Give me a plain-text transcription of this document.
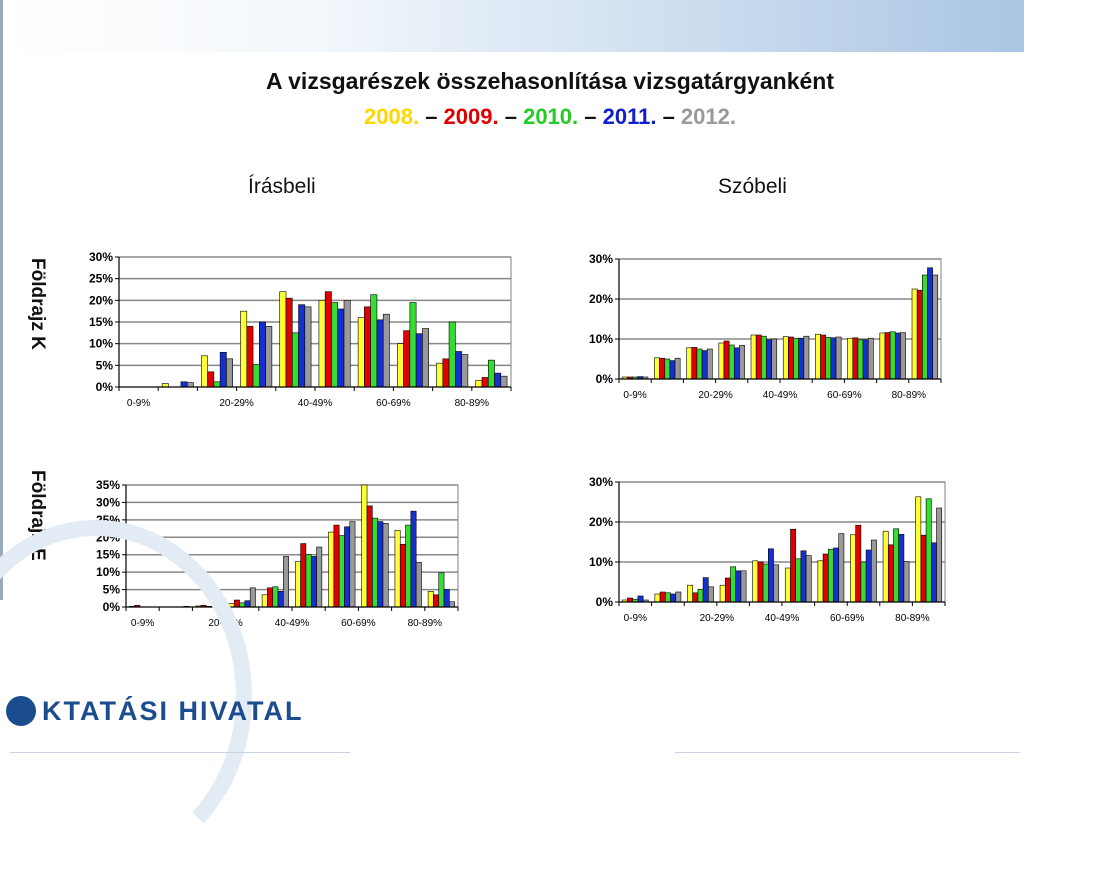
A vizsgarészek összehasonlítása vizsgatárgyanként
2008. – 2009. – 2010. – 2011. – 2012.
Írásbeli	Szóbeli
Földrajz K
Földrajz E
0%
5%
10%
15%
20%
25%
30%
0-9%	20-29%	40-49%	60-69%	80-89%
0%
10%
20%
30%
0-9%	20-29%	40-49%	60-69%	80-89%
0%
5%
10%
15%
20%
25%
30%
35%
0-9%	20-29%	40-49%	60-69%	80-89%
0%
10%
20%
30%
0-9%	20-29%	40-49%	60-69%	80-89%
KTATÁSI HIVATAL
